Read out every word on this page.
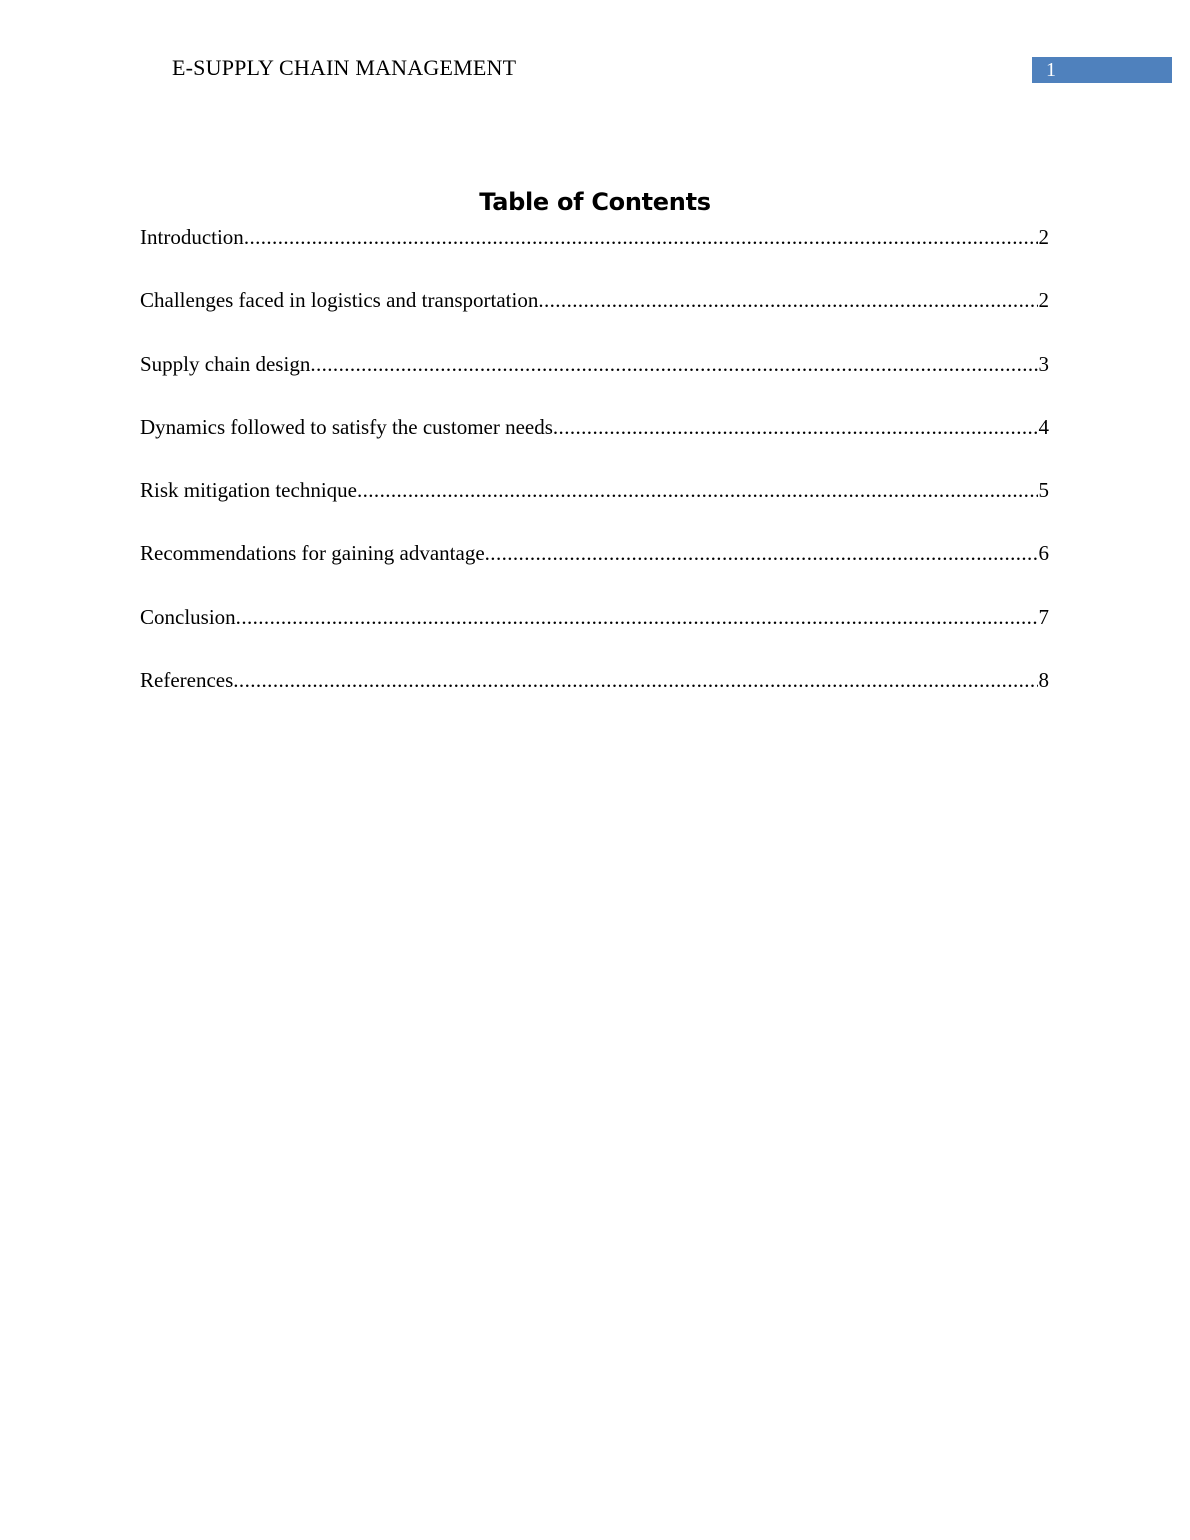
E-SUPPLY CHAIN MANAGEMENT	1
Table of Contents
Introduction .....	2
Challenges faced in logistics and transportation .....	2
Supply chain design .....	3
Dynamics followed to satisfy the customer needs .....	4
Risk mitigation technique .....	5
Recommendations for gaining advantage .....	6
Conclusion .....	7
References .....	8
